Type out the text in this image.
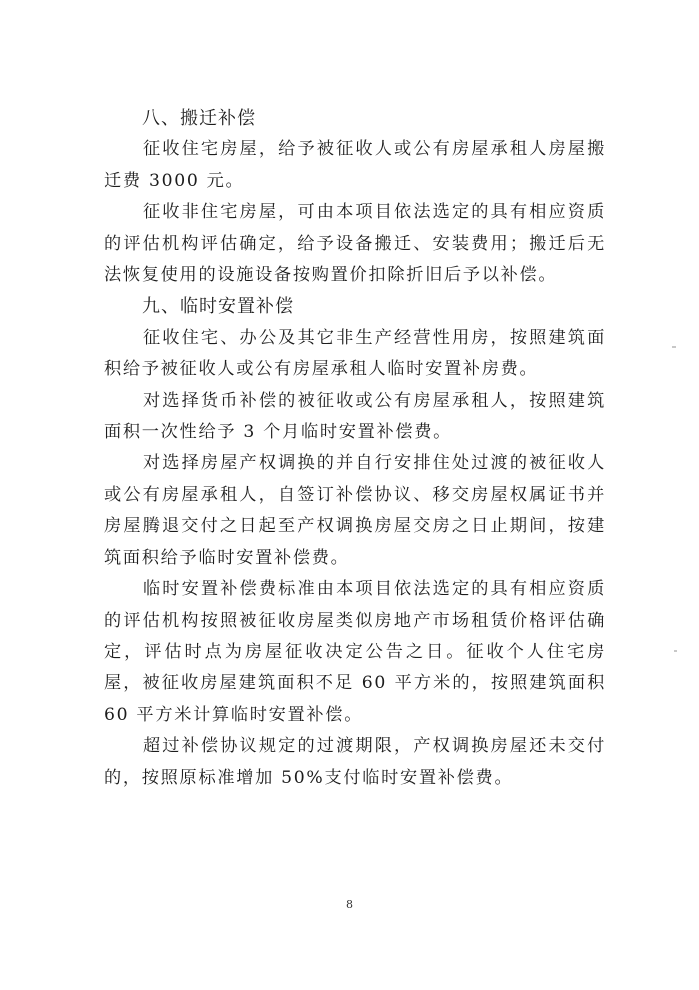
八、搬迁补偿

征收住宅房屋，给予被征收人或公有房屋承租人房屋搬迁费 3000 元。

征收非住宅房屋，可由本项目依法选定的具有相应资质的评估机构评估确定，给予设备搬迁、安装费用；搬迁后无法恢复使用的设施设备按购置价扣除折旧后予以补偿。

九、临时安置补偿

征收住宅、办公及其它非生产经营性用房，按照建筑面积给予被征收人或公有房屋承租人临时安置补房费。

对选择货币补偿的被征收或公有房屋承租人，按照建筑面积一次性给予 3 个月临时安置补偿费。

对选择房屋产权调换的并自行安排住处过渡的被征收人或公有房屋承租人，自签订补偿协议、移交房屋权属证书并房屋腾退交付之日起至产权调换房屋交房之日止期间，按建筑面积给予临时安置补偿费。

临时安置补偿费标准由本项目依法选定的具有相应资质的评估机构按照被征收房屋类似房地产市场租赁价格评估确定，评估时点为房屋征收决定公告之日。征收个人住宅房屋，被征收房屋建筑面积不足 60 平方米的，按照建筑面积 60 平方米计算临时安置补偿。

超过补偿协议规定的过渡期限，产权调换房屋还未交付的，按照原标准增加 50%支付临时安置补偿费。

8
